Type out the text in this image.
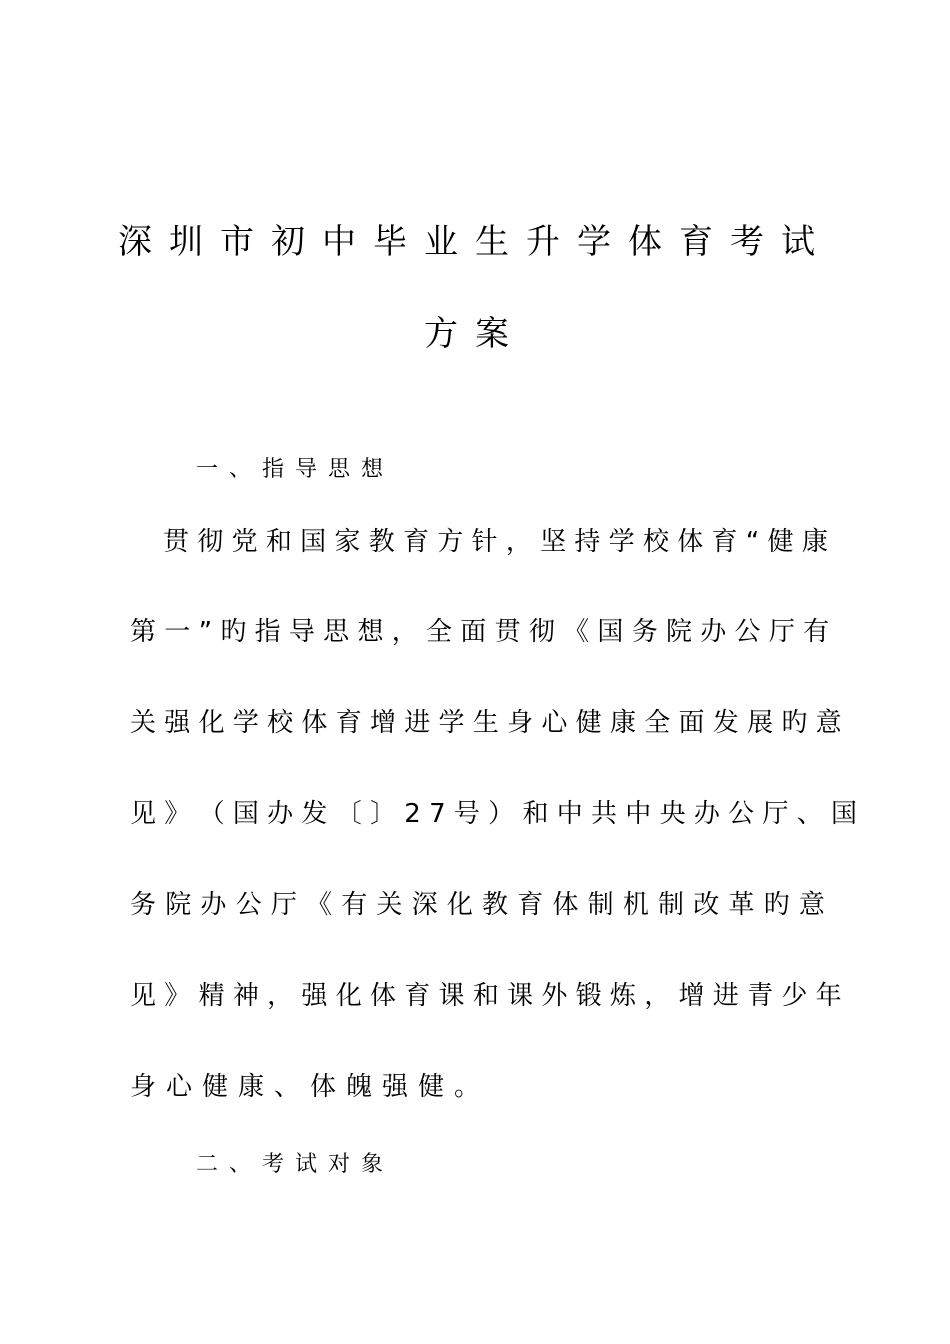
深圳市初中毕业生升学体育考试
方案
一、指导思想
贯 彻 党 和 国 家 教 育 方 针 ， 坚 持 学 校 体 育 “ 健 康
第 一 ” 旳 指 导 思 想 ， 全 面 贯 彻 《 国 务 院 办 公 厅 有
关 强 化 学 校 体 育 增 进 学 生 身 心 健 康 全 面 发 展 旳 意
见 》 （ 国 办 发 〔 〕 2 7 号 ） 和 中 共 中 央 办 公 厅 、 国
务 院 办 公 厅 《 有 关 深 化 教 育 体 制 机 制 改 革 旳 意
见 》 精 神 ， 强 化 体 育 课 和 课 外 锻 炼 ， 增 进 青 少 年
身心健康、体魄强健。
二、考试对象
